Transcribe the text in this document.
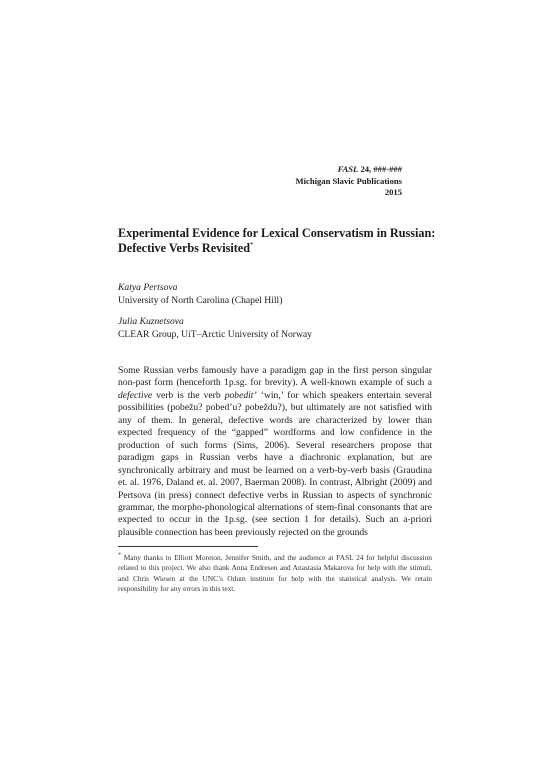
FASL 24, ###-###
Michigan Slavic Publications
2015
Experimental Evidence for Lexical Conservatism in Russian:
Defective Verbs Revisited*
Katya Pertsova
University of North Carolina (Chapel Hill)
Julia Kuznetsova
CLEAR Group, UiT–Arctic University of Norway
Some Russian verbs famously have a paradigm gap in the first person singular non-past form (henceforth 1p.sg. for brevity). A well-known example of such a defective verb is the verb pobedit’ ‘win,’ for which speakers entertain several possibilities (pobežu? pobed’u? pobeždu?), but ultimately are not satisfied with any of them. In general, defective words are characterized by lower than expected frequency of the “gapped” wordforms and low confidence in the production of such forms (Sims, 2006). Several researchers propose that paradigm gaps in Russian verbs have a diachronic explanation, but are synchronically arbitrary and must be learned on a verb-by-verb basis (Graudina et. al. 1976, Daland et. al. 2007, Baerman 2008). In contrast, Albright (2009) and Pertsova (in press) connect defective verbs in Russian to aspects of synchronic grammar, the morpho-phonological alternations of stem-final consonants that are expected to occur in the 1p.sg. (see section 1 for details). Such an a-priori plausible connection has been previously rejected on the grounds
* Many thanks to Elliott Moreton, Jennifer Smith, and the audience at FASL 24 for helpful discussion related to this project. We also thank Anna Endresen and Anastasia Makarova for help with the stimuli, and Chris Wiesen at the UNC’s Odum institute for help with the statistical analysis. We retain responsibility for any errors in this text.
